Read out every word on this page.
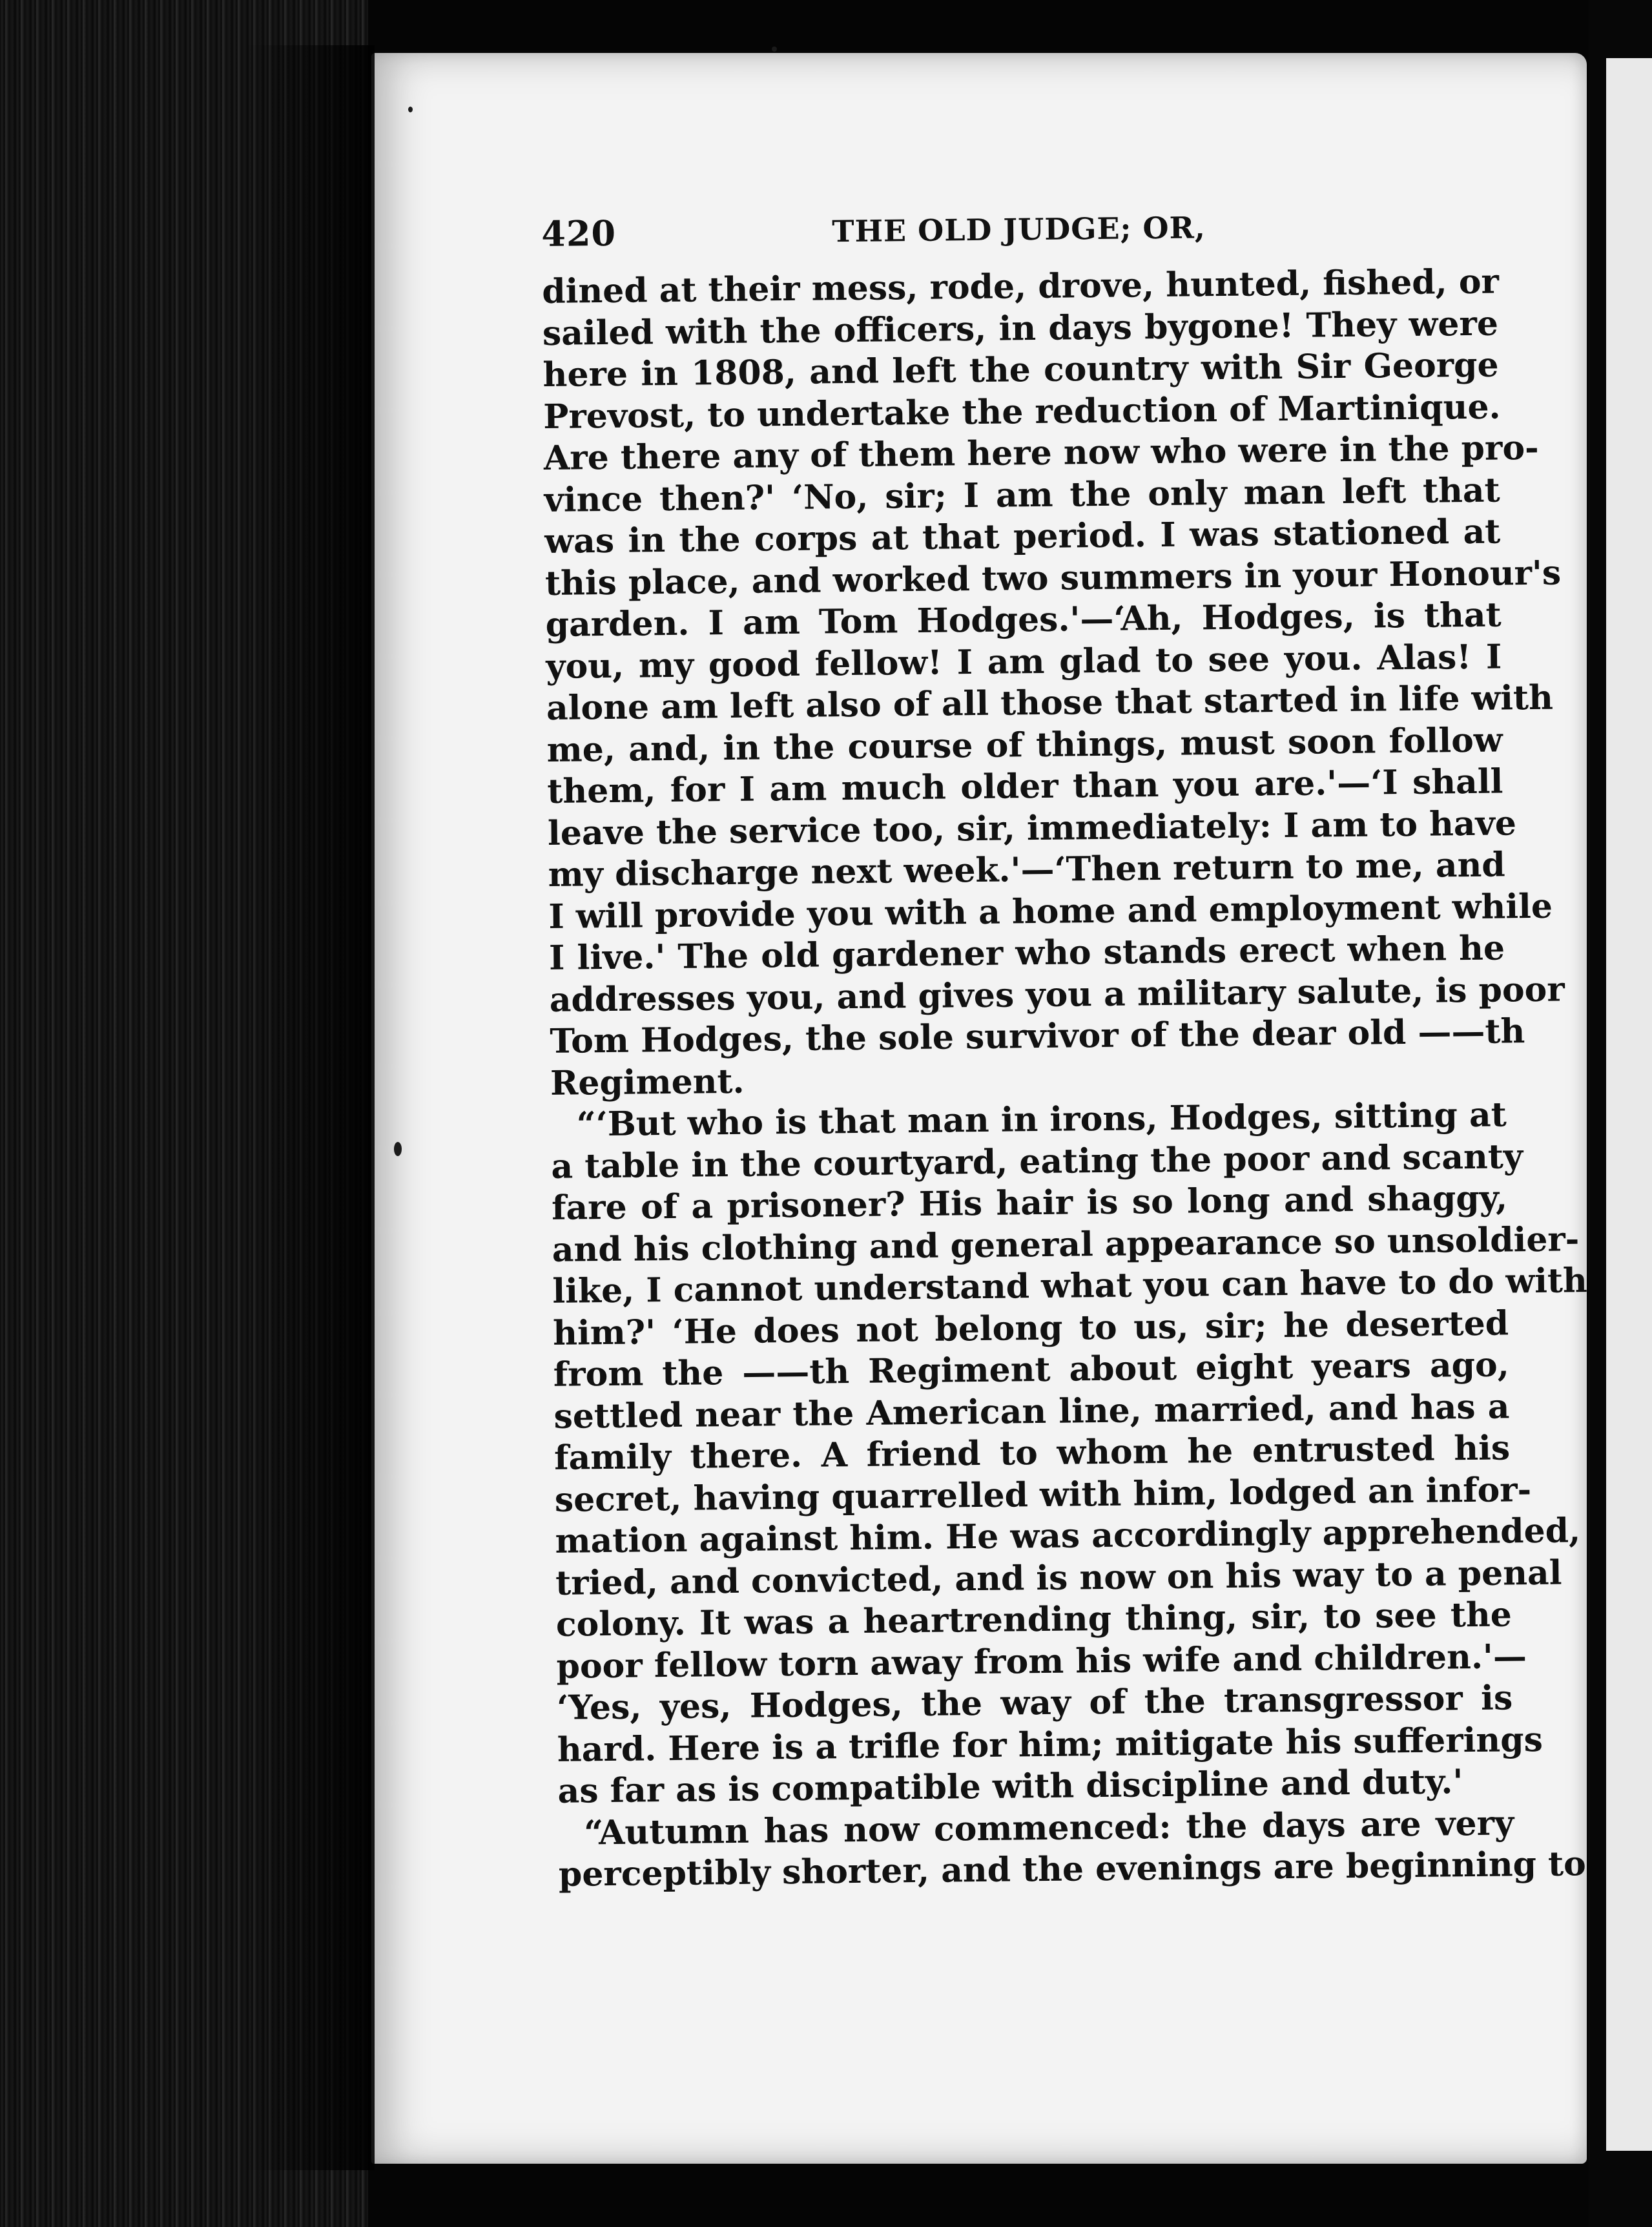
420	THE OLD JUDGE; OR,
dined at their mess, rode, drove, hunted, fished, or
sailed with the officers, in days bygone! They were
here in 1808, and left the country with Sir George
Prevost, to undertake the reduction of Martinique.
Are there any of them here now who were in the pro-
vince then?' ‘No, sir; I am the only man left that
was in the corps at that period. I was stationed at
this place, and worked two summers in your Honour's
garden. I am Tom Hodges.'—‘Ah, Hodges, is that
you, my good fellow! I am glad to see you. Alas! I
alone am left also of all those that started in life with
me, and, in the course of things, must soon follow
them, for I am much older than you are.'—‘I shall
leave the service too, sir, immediately: I am to have
my discharge next week.'—‘Then return to me, and
I will provide you with a home and employment while
I live.' The old gardener who stands erect when he
addresses you, and gives you a military salute, is poor
Tom Hodges, the sole survivor of the dear old ——th
Regiment.
“‘But who is that man in irons, Hodges, sitting at
a table in the courtyard, eating the poor and scanty
fare of a prisoner? His hair is so long and shaggy,
and his clothing and general appearance so unsoldier-
like, I cannot understand what you can have to do with
him?' ‘He does not belong to us, sir; he deserted
from the ——th Regiment about eight years ago,
settled near the American line, married, and has a
family there. A friend to whom he entrusted his
secret, having quarrelled with him, lodged an infor-
mation against him. He was accordingly apprehended,
tried, and convicted, and is now on his way to a penal
colony. It was a heartrending thing, sir, to see the
poor fellow torn away from his wife and children.'—
‘Yes, yes, Hodges, the way of the transgressor is
hard. Here is a trifle for him; mitigate his sufferings
as far as is compatible with discipline and duty.'
“Autumn has now commenced: the days are very
perceptibly shorter, and the evenings are beginning to
